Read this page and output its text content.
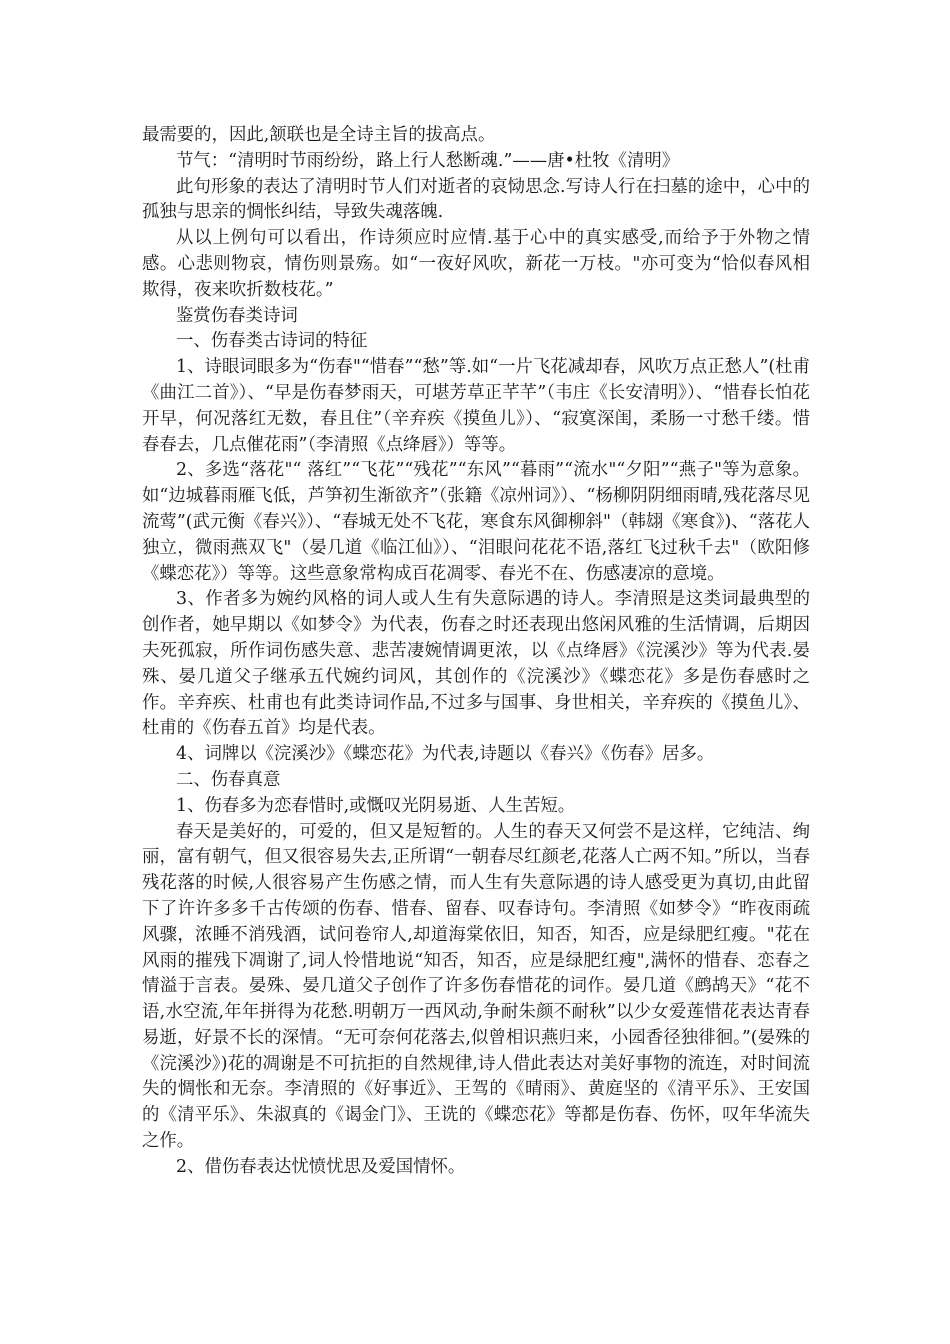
最需要的，因此,颔联也是全诗主旨的拔高点。

节气：“清明时节雨纷纷，路上行人愁断魂.”——唐•杜牧《清明》

此句形象的表达了清明时节人们对逝者的哀恸思念.写诗人行在扫墓的途中，心中的孤独与思亲的惆怅纠结，导致失魂落魄.

从以上例句可以看出，作诗须应时应情.基于心中的真实感受,而给予于外物之情感。心悲则物哀，情伤则景殇。如“一夜好风吹，新花一万枝。"亦可变为“恰似春风相欺得，夜来吹折数枝花。”

鉴赏伤春类诗词

一、伤春类古诗词的特征

1、诗眼词眼多为“伤春"“惜春”“愁”等.如“一片飞花减却春，风吹万点正愁人”(杜甫《曲江二首》）、“早是伤春梦雨天，可堪芳草正芊芊”（韦庄《长安清明》）、“惜春长怕花开早，何况落红无数，春且住”（辛弃疾《摸鱼儿》）、“寂寞深闺，柔肠一寸愁千缕。惜春春去，几点催花雨”（李清照《点绛唇》）等等。

2、多选“落花"“ 落红”“飞花”“残花”“东风”“暮雨”“流水"“夕阳”“燕子"等为意象。如“边城暮雨雁飞低，芦笋初生渐欲齐”（张籍《凉州词》）、“杨柳阴阴细雨晴,残花落尽见流莺”(武元衡《春兴》）、“春城无处不飞花，寒食东风御柳斜"（韩翃《寒食》)、“落花人独立，微雨燕双飞"（晏几道《临江仙》）、“泪眼问花花不语,落红飞过秋千去"（欧阳修《蝶恋花》）等等。这些意象常构成百花凋零、春光不在、伤感凄凉的意境。

3、作者多为婉约风格的词人或人生有失意际遇的诗人。李清照是这类词最典型的创作者，她早期以《如梦令》为代表，伤春之时还表现出悠闲风雅的生活情调，后期因夫死孤寂，所作词伤感失意、悲苦凄婉情调更浓，以《点绛唇》《浣溪沙》等为代表.晏殊、晏几道父子继承五代婉约词风，其创作的《浣溪沙》《蝶恋花》多是伤春感时之作。辛弃疾、杜甫也有此类诗词作品,不过多与国事、身世相关，辛弃疾的《摸鱼儿》、杜甫的《伤春五首》均是代表。

4、词牌以《浣溪沙》《蝶恋花》为代表,诗题以《春兴》《伤春》居多。

二、伤春真意

1、伤春多为恋春惜时,或慨叹光阴易逝、人生苦短。

春天是美好的，可爱的，但又是短暂的。人生的春天又何尝不是这样，它纯洁、绚丽，富有朝气，但又很容易失去,正所谓“一朝春尽红颜老,花落人亡两不知。”所以，当春残花落的时候,人很容易产生伤感之情，而人生有失意际遇的诗人感受更为真切,由此留下了许许多多千古传颂的伤春、惜春、留春、叹春诗句。李清照《如梦令》“昨夜雨疏风骤，浓睡不消残酒，试问卷帘人,却道海棠依旧，知否，知否，应是绿肥红瘦。"花在风雨的摧残下凋谢了,词人怜惜地说“知否，知否，应是绿肥红瘦",满怀的惜春、恋春之情溢于言表。晏殊、晏几道父子创作了许多伤春惜花的词作。晏几道《鹧鸪天》“花不语,水空流,年年拼得为花愁.明朝万一西风动,争耐朱颜不耐秋”以少女爱莲惜花表达青春易逝，好景不长的深情。“无可奈何花落去,似曾相识燕归来，小园香径独徘徊。”(晏殊的《浣溪沙》)花的凋谢是不可抗拒的自然规律,诗人借此表达对美好事物的流连，对时间流失的惆怅和无奈。李清照的《好事近》、王驾的《晴雨》、黄庭坚的《清平乐》、王安国的《清平乐》、朱淑真的《谒金门》、王诜的《蝶恋花》等都是伤春、伤怀，叹年华流失之作。

2、借伤春表达忧愤忧思及爱国情怀。
